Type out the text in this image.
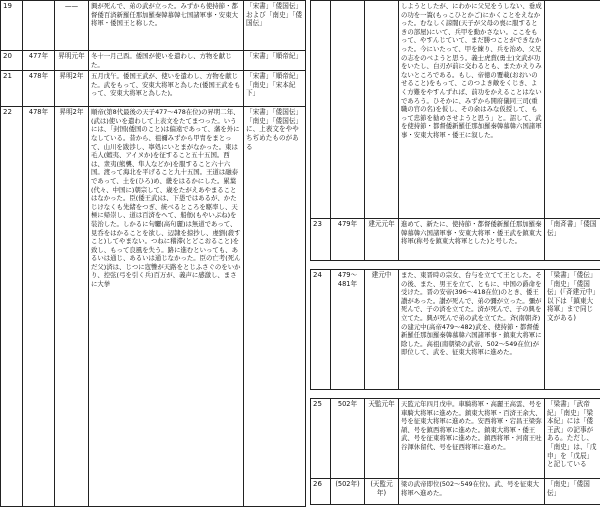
19		——	興が死んで、弟の武が立った。みずから使持節・都督倭百済新羅任那加羅秦韓慕韓七国諸軍事・安東大将軍・倭国王と称した。	「宋書」「倭国伝」および「南史」「倭国伝」
20	477年	昇明元年	冬十一月己酉。倭国が使いを遣わし、方物を献じた。	「宋書」「順帝紀」
21	478年	昇明2年	五月戊午。倭国王武が、使いを遣わし、方物を献じた。武をもって、安東大将軍と為した(倭国王武をもって、安東大将軍と為した)。	「宋書」「順帝紀」「南史」「宋本紀 下」
22	478年	昇明2年	順帝(第8代最後の天子477〜478在位)の昇明二年、(武は)使いを遣わして上表文をたてまつった。いうには、「封国(倭国のこと)は偏遠であって、藩を外になしている。昔から、祖禰みずから甲冑をまとって、山川を跋渉し、寧処にいとまがなかった。東は毛人(蝦夷、アイヌか)を征すること五十五国。西は、衆夷(熊襲、隼人などか)を服すること六十六国。渡って海北を平げること九十五国。王道は融泰であって、土を(ひろ)め、畿をはるかにした。累葉(代々、中国に)朝宗して、歳をたがえあやまることはなかった。臣(倭王武)は、下愚ではあるが、かたじけなくも先緒をつぎ、統べるところを駆率し、天極に帰崇し、道は百済をへて、船舫(もやいぶね)を装治した。しかるに句驪(高句麗)は無道であって、見呑をはかることを欲し、辺隷を掠抄し、虔劉(殺すこと)してやまない。つねに稽滞(とどこおること)を致し、もって良風を失う。路に進むといっても、あるいは通じ、あるいは通じなかった。臣の亡考(死んだ父)済は、じつに寇讐が天路をとじふさぐのをいかり、控弦(弓を引く兵)百万が、義声に感激し、まさに大挙	「宋書」「倭国伝」「南史」「倭国伝」に、上表文をややちぢめたものがある
			しようとしたが、にわかに父兄をうしない、垂成の功を一簣(もっこひとかご)にかくことをえなかった。むなしく諒闇(天子が父母の喪に服するときの部屋)にいて、兵甲を動かさない。ここをもって、やすんじていて、まだ勝つことができなかった。今にいたって、甲を練り、兵を治め、父兄の志をのべようと思う。義士虎賁(勇士)文武が功をいたし、白刃が前に交わるとも、またかえりみないところである。もし、帝徳の覆載(おおいのせること)をもって、このつよき敵をくじき、よく方難をやすんずれば、前功をかえることはないであろう。ひそかに、みずから開府儀同三司(重職の官の名)を仮し、その余はみな仮授して、もって忠節を勧めさせようと思う」と。詔して、武を使持節・都督倭新羅任那加羅秦韓慕韓六国諸軍事・安東大将軍・倭王に叙した。	
23	479年	建元元年	進めて、新たに、使持節・都督倭新羅任那加羅秦韓慕韓六国諸軍事・安東大将軍・倭王武を鎮東大将軍(称号を鎮東大将軍とした)と号した。	「南斉書」「倭国伝」

24	479〜481年	建元中	また、東晋時の宗女、台与を立てて王とした。その後、また、男王を立て、ともに、中国の爵命を受けた。晋の安帝(396〜418在位)のとき、倭王讃があった。讃が死んで、弟の彌が立った。彌が死んで、子の済を立てた。済が死んで、子の興を立てた。興が死んで弟の武を立てた。斉(南朝斉)の建元中(高帝479〜482)武を、使持節・都督倭新羅任那加羅秦韓慕韓六国諸軍事・鎮東大将軍に除した。高祖(南朝梁の武帝、502〜549在位)が即位して、武を、征東大将軍に進めた。	「梁書」「倭伝」「南史」「倭国伝」(「斉建元中」以下は「鎮東大将軍」まで同じ文がある)

25	502年	天監元年	天監元年四月戊申。車騎将軍・高麗王高雲、号を車騎大将軍に進めた。鎮東大将軍・百済王余大、号を征東大将軍に進めた。安西将軍・宕昌王梁弥頡、号を鎮西将軍に進めた。鎮東大将軍・倭王武、号を征東将軍に進めた。鎮西将軍・河南王吐谷渾休留代、号を征西将軍に進めた。	「梁書」「武帝紀」「南史」「梁本紀」には「倭王武」の記事がある。ただし、「南史」は、「戊申」を「戊辰」と記している
26	(502年)	(天監元年)	梁の武帝即位(502〜549在位)。武、号を征東大将軍へ進めた。	「南史」「倭国伝」
